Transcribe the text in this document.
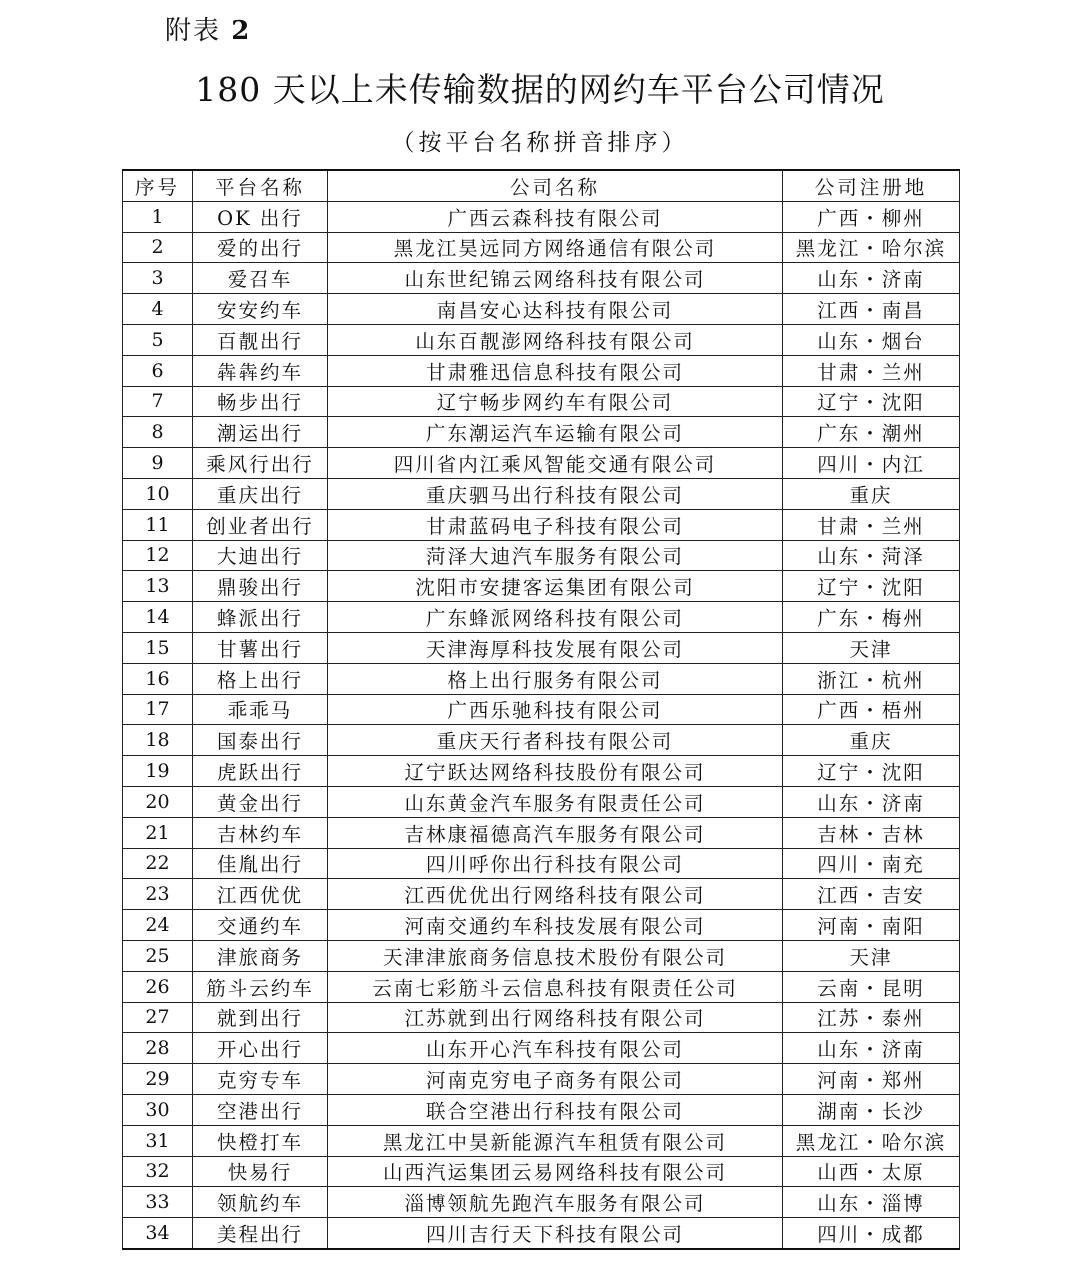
附表 2
180 天以上未传输数据的网约车平台公司情况
（按平台名称拼音排序）
序号	平台名称	公司名称	公司注册地
1	OK 出行	广西云森科技有限公司	广西・柳州
2	爱的出行	黑龙江昊远同方网络通信有限公司	黑龙江・哈尔滨
3	爱召车	山东世纪锦云网络科技有限公司	山东・济南
4	安安约车	南昌安心达科技有限公司	江西・南昌
5	百靓出行	山东百靓澎网络科技有限公司	山东・烟台
6	犇犇约车	甘肃雅迅信息科技有限公司	甘肃・兰州
7	畅步出行	辽宁畅步网约车有限公司	辽宁・沈阳
8	潮运出行	广东潮运汽车运输有限公司	广东・潮州
9	乘风行出行	四川省内江乘风智能交通有限公司	四川・内江
10	重庆出行	重庆驷马出行科技有限公司	重庆
11	创业者出行	甘肃蓝码电子科技有限公司	甘肃・兰州
12	大迪出行	菏泽大迪汽车服务有限公司	山东・菏泽
13	鼎骏出行	沈阳市安捷客运集团有限公司	辽宁・沈阳
14	蜂派出行	广东蜂派网络科技有限公司	广东・梅州
15	甘薯出行	天津海厚科技发展有限公司	天津
16	格上出行	格上出行服务有限公司	浙江・杭州
17	乖乖马	广西乐驰科技有限公司	广西・梧州
18	国泰出行	重庆天行者科技有限公司	重庆
19	虎跃出行	辽宁跃达网络科技股份有限公司	辽宁・沈阳
20	黄金出行	山东黄金汽车服务有限责任公司	山东・济南
21	吉林约车	吉林康福德高汽车服务有限公司	吉林・吉林
22	佳胤出行	四川呼你出行科技有限公司	四川・南充
23	江西优优	江西优优出行网络科技有限公司	江西・吉安
24	交通约车	河南交通约车科技发展有限公司	河南・南阳
25	津旅商务	天津津旅商务信息技术股份有限公司	天津
26	筋斗云约车	云南七彩筋斗云信息科技有限责任公司	云南・昆明
27	就到出行	江苏就到出行网络科技有限公司	江苏・泰州
28	开心出行	山东开心汽车科技有限公司	山东・济南
29	克穷专车	河南克穷电子商务有限公司	河南・郑州
30	空港出行	联合空港出行科技有限公司	湖南・长沙
31	快橙打车	黑龙江中昊新能源汽车租赁有限公司	黑龙江・哈尔滨
32	快易行	山西汽运集团云易网络科技有限公司	山西・太原
33	领航约车	淄博领航先跑汽车服务有限公司	山东・淄博
34	美程出行	四川吉行天下科技有限公司	四川・成都
